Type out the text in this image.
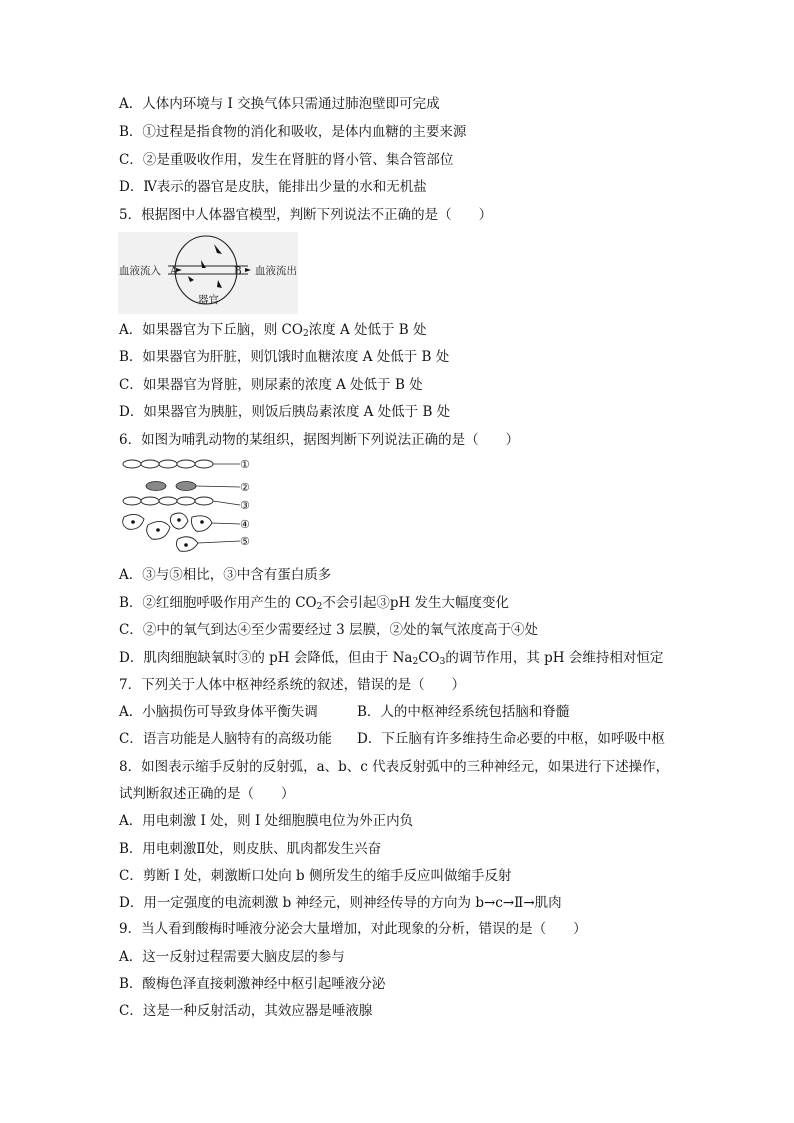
A．人体内环境与 I 交换气体只需通过肺泡壁即可完成
B．①过程是指食物的消化和吸收，是体内血糖的主要来源
C．②是重吸收作用，发生在肾脏的肾小管、集合管部位
D．Ⅳ表示的器官是皮肤，能排出少量的水和无机盐
5．根据图中人体器官模型，判断下列说法不正确的是（　　）
血液流入 A	B 血液流出
器官
A．如果器官为下丘脑，则 $CO_2$浓度 A 处低于 B 处
B．如果器官为肝脏，则饥饿时血糖浓度 A 处低于 B 处
C．如果器官为肾脏，则尿素的浓度 A 处低于 B 处
D．如果器官为胰脏，则饭后胰岛素浓度 A 处低于 B 处
6．如图为哺乳动物的某组织，据图判断下列说法正确的是（　　）
①
②
③
④
⑤
A．③与⑤相比，③中含有蛋白质多
B．②红细胞呼吸作用产生的 $CO_2$不会引起③pH 发生大幅度变化
C．②中的氧气到达④至少需要经过 3 层膜，②处的氧气浓度高于④处
D．肌肉细胞缺氧时③的 pH 会降低，但由于 $Na_2CO_3$的调节作用，其 pH 会维持相对恒定
7．下列关于人体中枢神经系统的叙述，错误的是（　　）
A．小脑损伤可导致身体平衡失调	B．人的中枢神经系统包括脑和脊髓
C．语言功能是人脑特有的高级功能 D．下丘脑有许多维持生命必要的中枢，如呼吸中枢
8．如图表示缩手反射的反射弧，a、b、c 代表反射弧中的三种神经元，如果进行下述操作，
试判断叙述正确的是（　　）
A．用电刺激 I 处，则 I 处细胞膜电位为外正内负
B．用电刺激Ⅱ处，则皮肤、肌肉都发生兴奋
C．剪断 I 处，刺激断口处向 b 侧所发生的缩手反应叫做缩手反射
D．用一定强度的电流刺激 b 神经元，则神经传导的方向为 b→c→Ⅱ→肌肉
9．当人看到酸梅时唾液分泌会大量增加，对此现象的分析，错误的是（　　）
A．这一反射过程需要大脑皮层的参与
B．酸梅色泽直接刺激神经中枢引起唾液分泌
C．这是一种反射活动，其效应器是唾液腺
